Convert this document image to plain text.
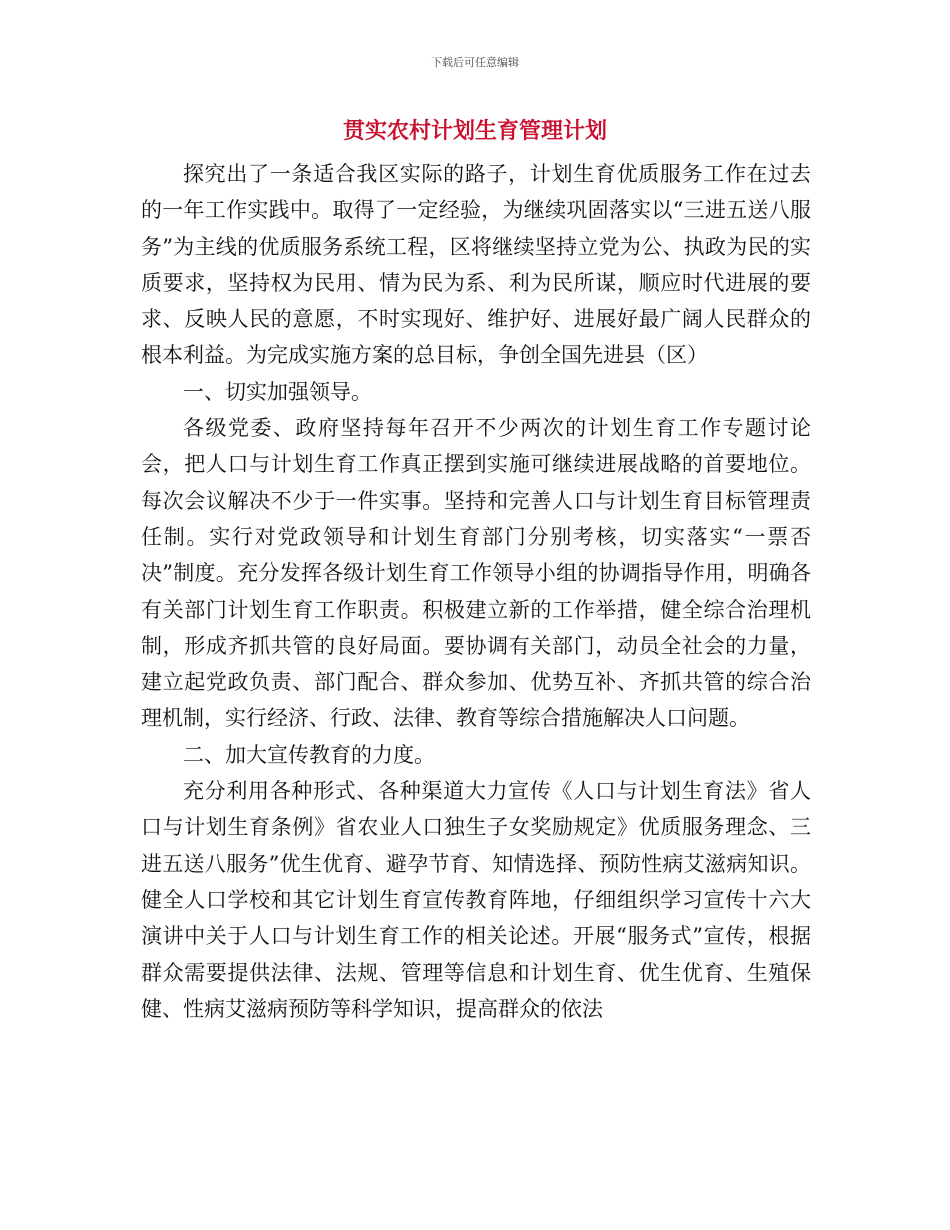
下载后可任意编辑
贯实农村计划生育管理计划

探究出了一条适合我区实际的路子，计划生育优质服务工作在过去的一年工作实践中。取得了一定经验，为继续巩固落实以“三进五送八服务”为主线的优质服务系统工程，区将继续坚持立党为公、执政为民的实质要求，坚持权为民用、情为民为系、利为民所谋，顺应时代进展的要求、反映人民的意愿，不时实现好、维护好、进展好最广阔人民群众的根本利益。为完成实施方案的总目标，争创全国先进县（区）

一、切实加强领导。

各级党委、政府坚持每年召开不少两次的计划生育工作专题讨论会，把人口与计划生育工作真正摆到实施可继续进展战略的首要地位。每次会议解决不少于一件实事。坚持和完善人口与计划生育目标管理责任制。实行对党政领导和计划生育部门分别考核，切实落实“一票否决”制度。充分发挥各级计划生育工作领导小组的协调指导作用，明确各有关部门计划生育工作职责。积极建立新的工作举措，健全综合治理机制，形成齐抓共管的良好局面。要协调有关部门，动员全社会的力量，建立起党政负责、部门配合、群众参加、优势互补、齐抓共管的综合治理机制，实行经济、行政、法律、教育等综合措施解决人口问题。

二、加大宣传教育的力度。

充分利用各种形式、各种渠道大力宣传《人口与计划生育法》省人口与计划生育条例》省农业人口独生子女奖励规定》优质服务理念、三进五送八服务”优生优育、避孕节育、知情选择、预防性病艾滋病知识。健全人口学校和其它计划生育宣传教育阵地，仔细组织学习宣传十六大演讲中关于人口与计划生育工作的相关论述。开展“服务式”宣传，根据群众需要提供法律、法规、管理等信息和计划生育、优生优育、生殖保健、性病艾滋病预防等科学知识，提高群众的依法
